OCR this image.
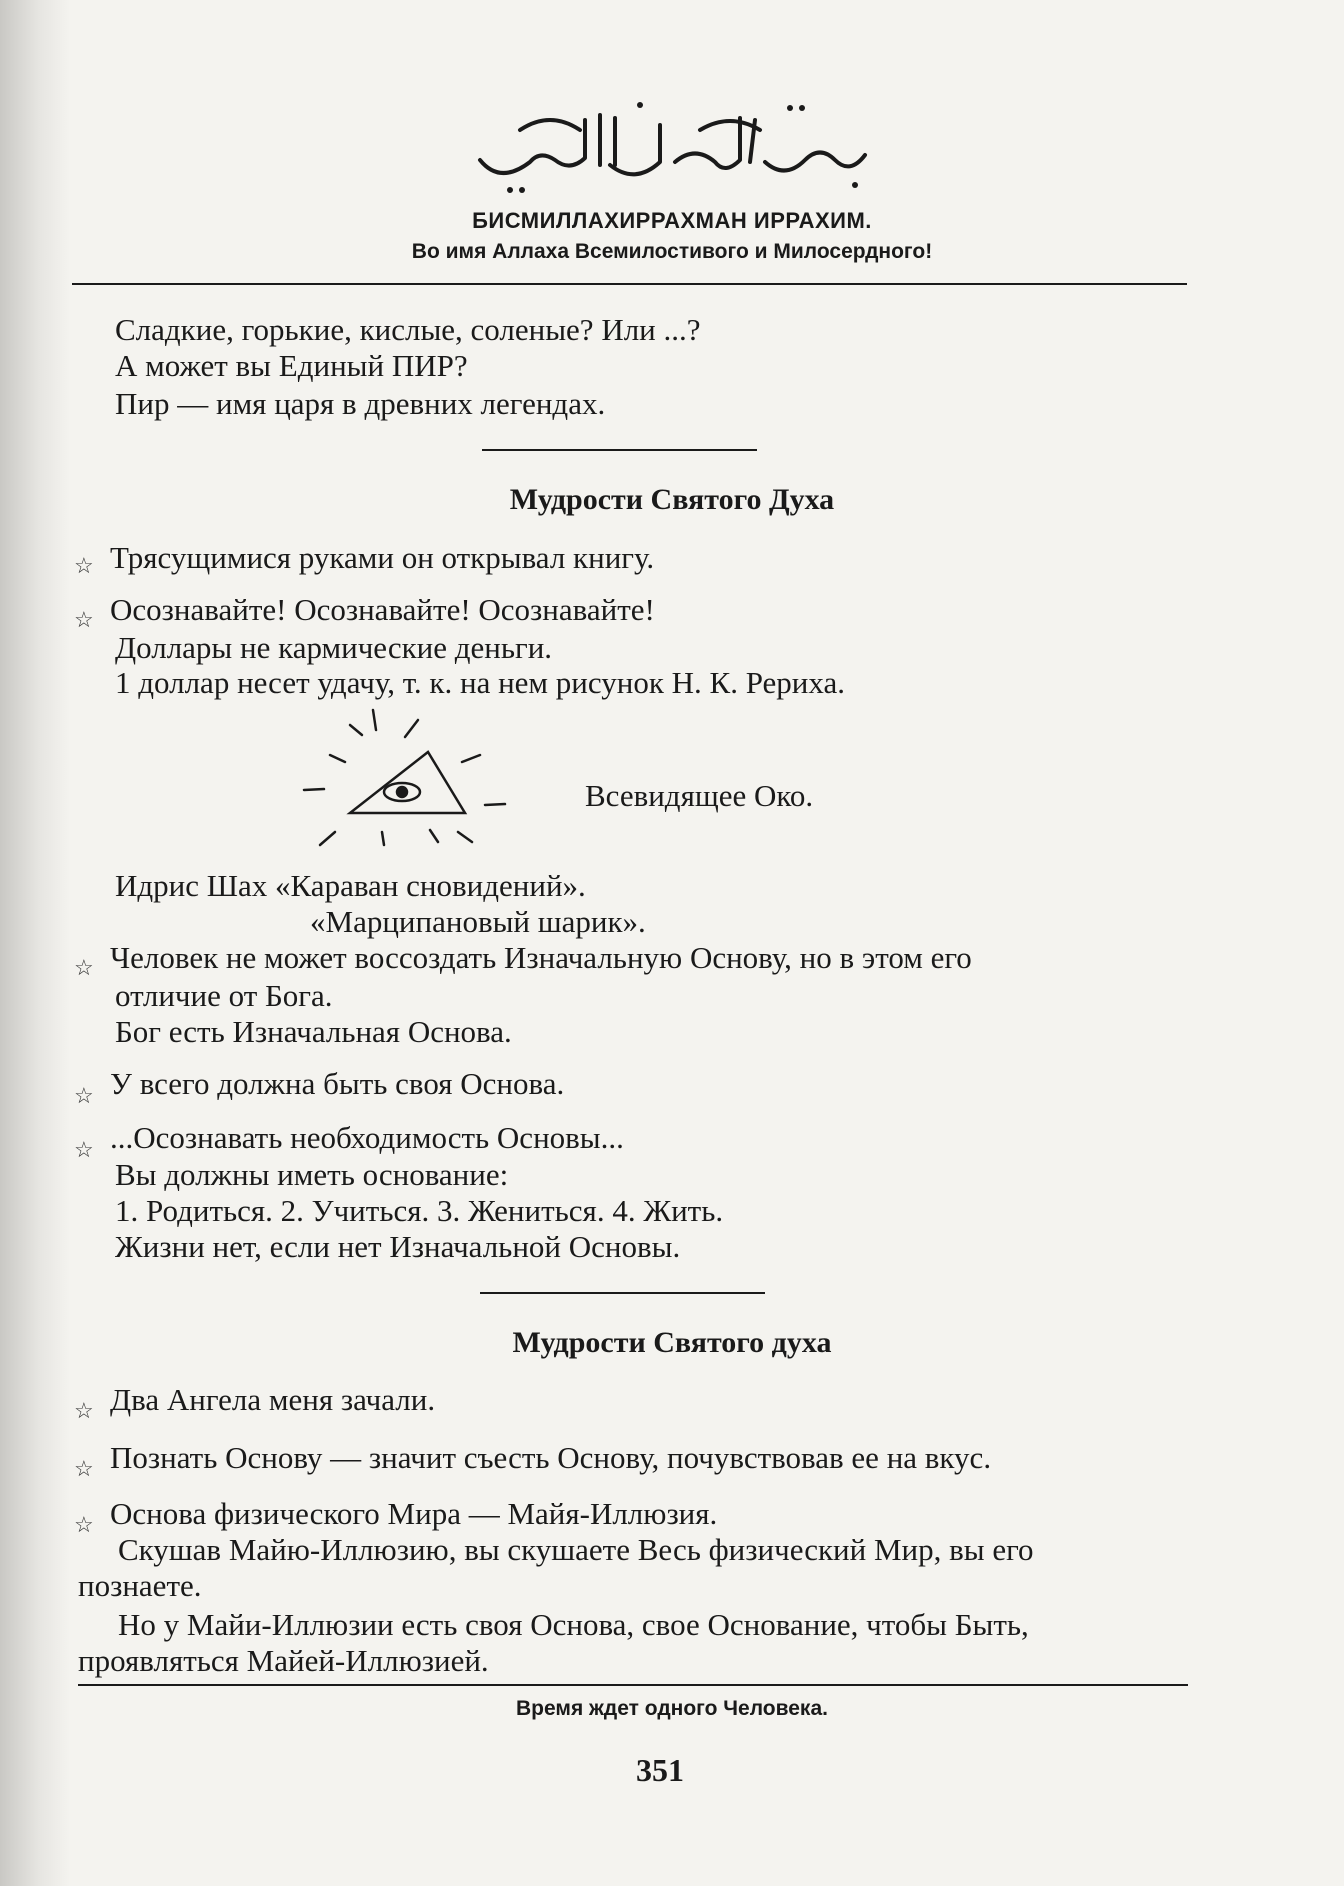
БИСМИЛЛАХИРРАХМАН ИРРАХИМ.
Во имя Аллаха Всемилостивого и Милосердного!
Сладкие, горькие, кислые, соленые? Или ...?
А может вы Единый ПИР?
Пир — имя царя в древних легендах.
Мудрости Святого Духа
☆ Трясущимися руками он открывал книгу.
☆ Осознавайте! Осознавайте! Осознавайте!
Доллары не кармические деньги.
1 доллар несет удачу, т. к. на нем рисунок Н. К. Рериха.
Всевидящее Око.
Идрис Шах «Караван сновидений».
«Марципановый шарик».
☆ Человек не может воссоздать Изначальную Основу, но в этом его
отличие от Бога.
Бог есть Изначальная Основа.
☆ У всего должна быть своя Основа.
☆ ...Осознавать необходимость Основы...
Вы должны иметь основание:
1. Родиться. 2. Учиться. 3. Жениться. 4. Жить.
Жизни нет, если нет Изначальной Основы.
Мудрости Святого духа
☆ Два Ангела меня зачали.
☆ Познать Основу — значит съесть Основу, почувствовав ее на вкус.
☆ Основа физического Мира — Майя-Иллюзия.
Скушав Майю-Иллюзию, вы скушаете Весь физический Мир, вы его
познаете.
Но у Майи-Иллюзии есть своя Основа, свое Основание, чтобы Быть,
проявляться Майей-Иллюзией.
Время ждет одного Человека.
351
